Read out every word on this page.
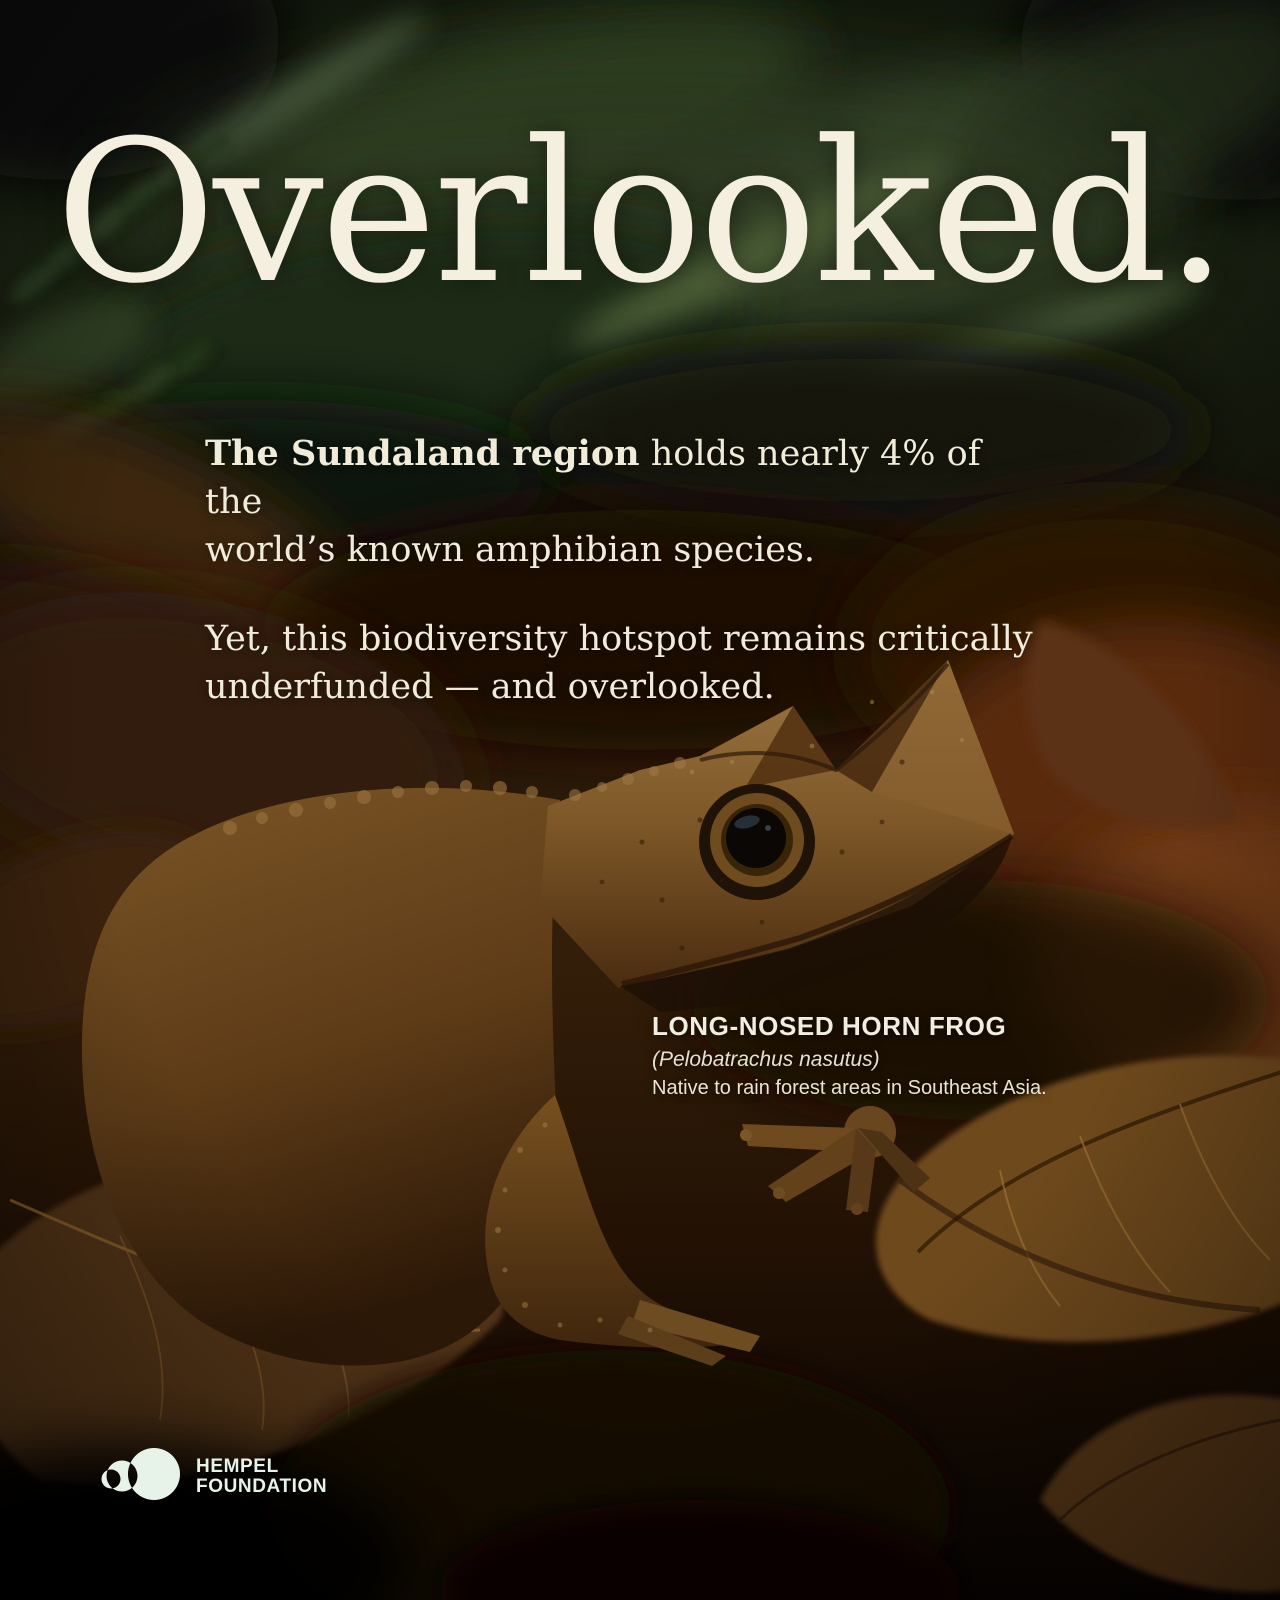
Overlooked.

The Sundaland region holds nearly 4% of the
world’s known amphibian species.

Yet, this biodiversity hotspot remains critically
underfunded — and overlooked.

LONG-NOSED HORN FROG
(Pelobatrachus nasutus)
Native to rain forest areas in Southeast Asia.
HEMPEL
FOUNDATION
